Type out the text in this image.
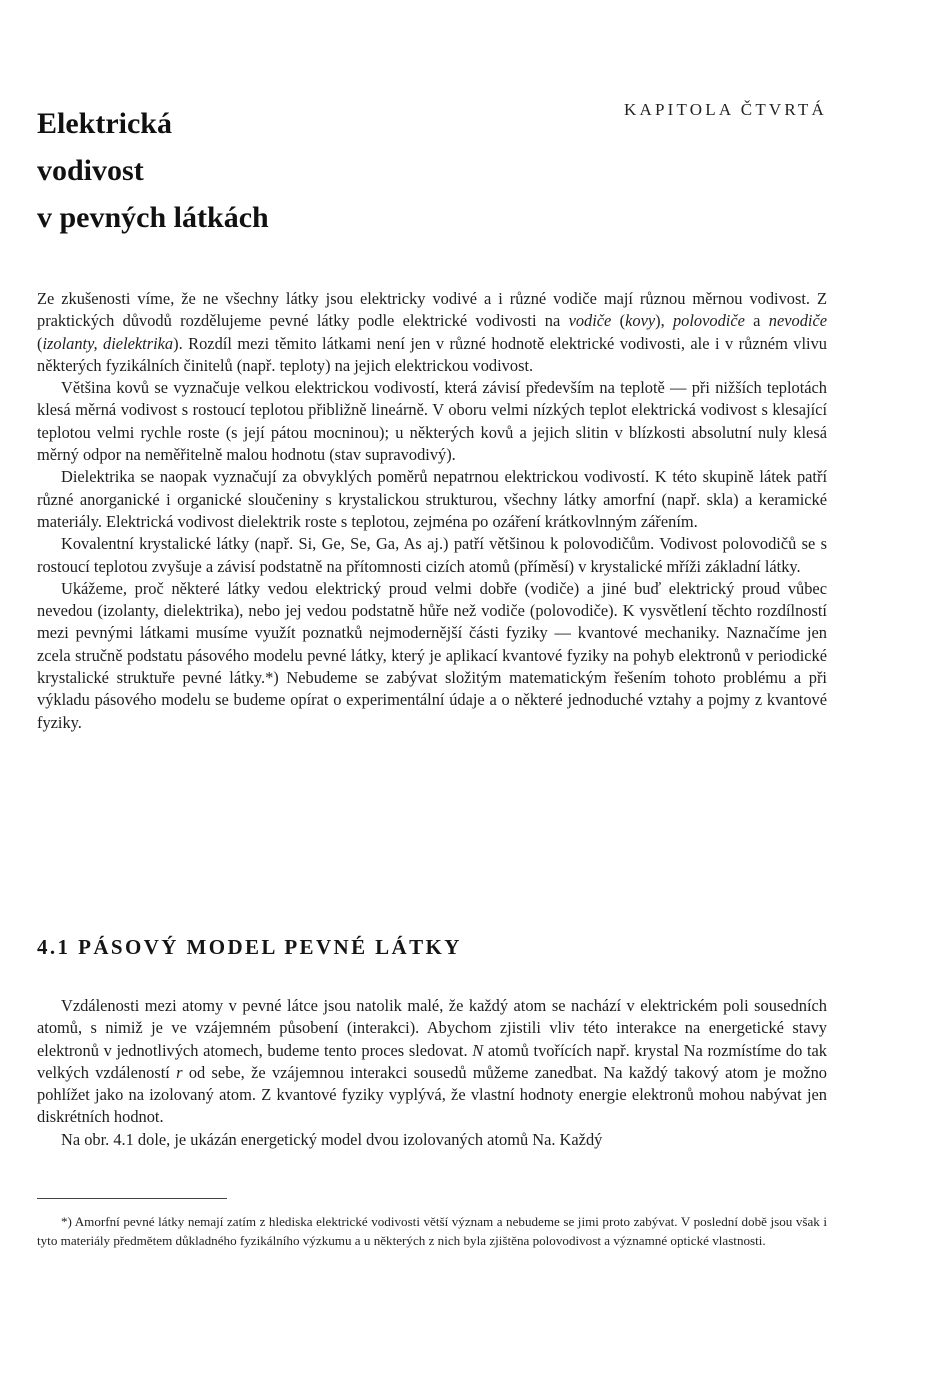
Elektrická
vodivost
v pevných látkách
KAPITOLA ČTVRTÁ

Ze zkušenosti víme, že ne všechny látky jsou elektricky vodivé a i různé vodiče mají různou měrnou vodivost. Z praktických důvodů rozdělujeme pevné látky podle elektrické vodivosti na vodiče (kovy), polovodiče a nevodiče (izolanty, dielektrika). Rozdíl mezi těmito látkami není jen v různé hodnotě elektrické vodivosti, ale i v různém vlivu některých fyzikálních činitelů (např. teploty) na jejich elektrickou vodivost.

Většina kovů se vyznačuje velkou elektrickou vodivostí, která závisí především na teplotě — při nižších teplotách klesá měrná vodivost s rostoucí teplotou přibližně lineárně. V oboru velmi nízkých teplot elektrická vodivost s klesající teplotou velmi rychle roste (s její pátou mocninou); u některých kovů a jejich slitin v blízkosti absolutní nuly klesá měrný odpor na neměřitelně malou hodnotu (stav supravodivý).

Dielektrika se naopak vyznačují za obvyklých poměrů nepatrnou elektrickou vodivostí. K této skupině látek patří různé anorganické i organické sloučeniny s krystalickou strukturou, všechny látky amorfní (např. skla) a keramické materiály. Elektrická vodivost dielektrik roste s teplotou, zejména po ozáření krátkovlnným zářením.

Kovalentní krystalické látky (např. Si, Ge, Se, Ga, As aj.) patří většinou k polovodičům. Vodivost polovodičů se s rostoucí teplotou zvyšuje a závisí podstatně na přítomnosti cizích atomů (příměsí) v krystalické mříži základní látky.

Ukážeme, proč některé látky vedou elektrický proud velmi dobře (vodiče) a jiné buď elektrický proud vůbec nevedou (izolanty, dielektrika), nebo jej vedou podstatně hůře než vodiče (polovodiče). K vysvětlení těchto rozdílností mezi pevnými látkami musíme využít poznatků nejmodernější části fyziky — kvantové mechaniky. Naznačíme jen zcela stručně podstatu pásového modelu pevné látky, který je aplikací kvantové fyziky na pohyb elektronů v periodické krystalické struktuře pevné látky.*) Nebudeme se zabývat složitým matematickým řešením tohoto problému a při výkladu pásového modelu se budeme opírat o experimentální údaje a o některé jednoduché vztahy a pojmy z kvantové fyziky.

4.1 PÁSOVÝ MODEL PEVNÉ LÁTKY

Vzdálenosti mezi atomy v pevné látce jsou natolik malé, že každý atom se nachází v elektrickém poli sousedních atomů, s nimiž je ve vzájemném působení (interakci). Abychom zjistili vliv této interakce na energetické stavy elektronů v jednotlivých atomech, budeme tento proces sledovat. N atomů tvořících např. krystal Na rozmístíme do tak velkých vzdáleností r od sebe, že vzájemnou interakci sousedů můžeme zanedbat. Na každý takový atom je možno pohlížet jako na izolovaný atom. Z kvantové fyziky vyplývá, že vlastní hodnoty energie elektronů mohou nabývat jen diskrétních hodnot.

Na obr. 4.1 dole, je ukázán energetický model dvou izolovaných atomů Na. Každý

*) Amorfní pevné látky nemají zatím z hlediska elektrické vodivosti větší význam a nebudeme se jimi proto zabývat. V poslední době jsou však i tyto materiály předmětem důkladného fyzikálního výzkumu a u některých z nich byla zjištěna polovodivost a významné optické vlastnosti.
